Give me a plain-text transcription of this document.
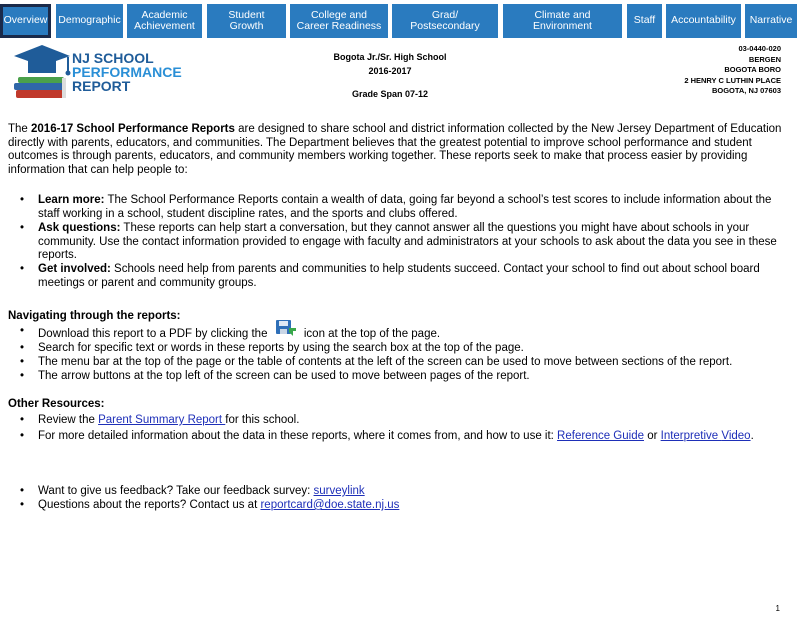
Overview	Demographic	Academic
Achievement
Student
Growth
College and
Career Readiness
Grad/
Postsecondary
Climate and
Environment	Staff	Accountability	Narrative
NJ SCHOOL
PERFORMANCE
REPORT
Bogota Jr./Sr. High School
2016-2017
Grade Span 07-12
03-0440-020
BERGEN
BOGOTA BORO
2 HENRY C LUTHIN PLACE
BOGOTA, NJ 07603
The 2016-17 School Performance Reports are designed to share school and district information collected by the New Jersey Department of Education directly with parents, educators, and communities. The Department believes that the greatest potential to improve school performance and student outcomes is through parents, educators, and community members working together. These reports seek to make that process easier by providing information that can help people to:
• Learn more: The School Performance Reports contain a wealth of data, going far beyond a school’s test scores to include information about the staff working in a school, student discipline rates, and the sports and clubs offered.
• Ask questions: These reports can help start a conversation, but they cannot answer all the questions you might have about schools in your community. Use the contact information provided to engage with faculty and administrators at your schools to ask about the data you see in these reports.
• Get involved: Schools need help from parents and communities to help students succeed. Contact your school to find out about school board meetings or parent and community groups.
Navigating through the reports:
• Download this report to a PDF by clicking the	icon at the top of the page.
• Search for specific text or words in these reports by using the search box at the top of the page.
• The menu bar at the top of the page or the table of contents at the left of the screen can be used to move between sections of the report.
• The arrow buttons at the top left of the screen can be used to move between pages of the report.
Other Resources:
• Review the Parent Summary Report for this school.
• For more detailed information about the data in these reports, where it comes from, and how to use it: Reference Guide or Interpretive Video.
• Want to give us feedback? Take our feedback survey: surveylink
• Questions about the reports? Contact us at reportcard@doe.state.nj.us
1
